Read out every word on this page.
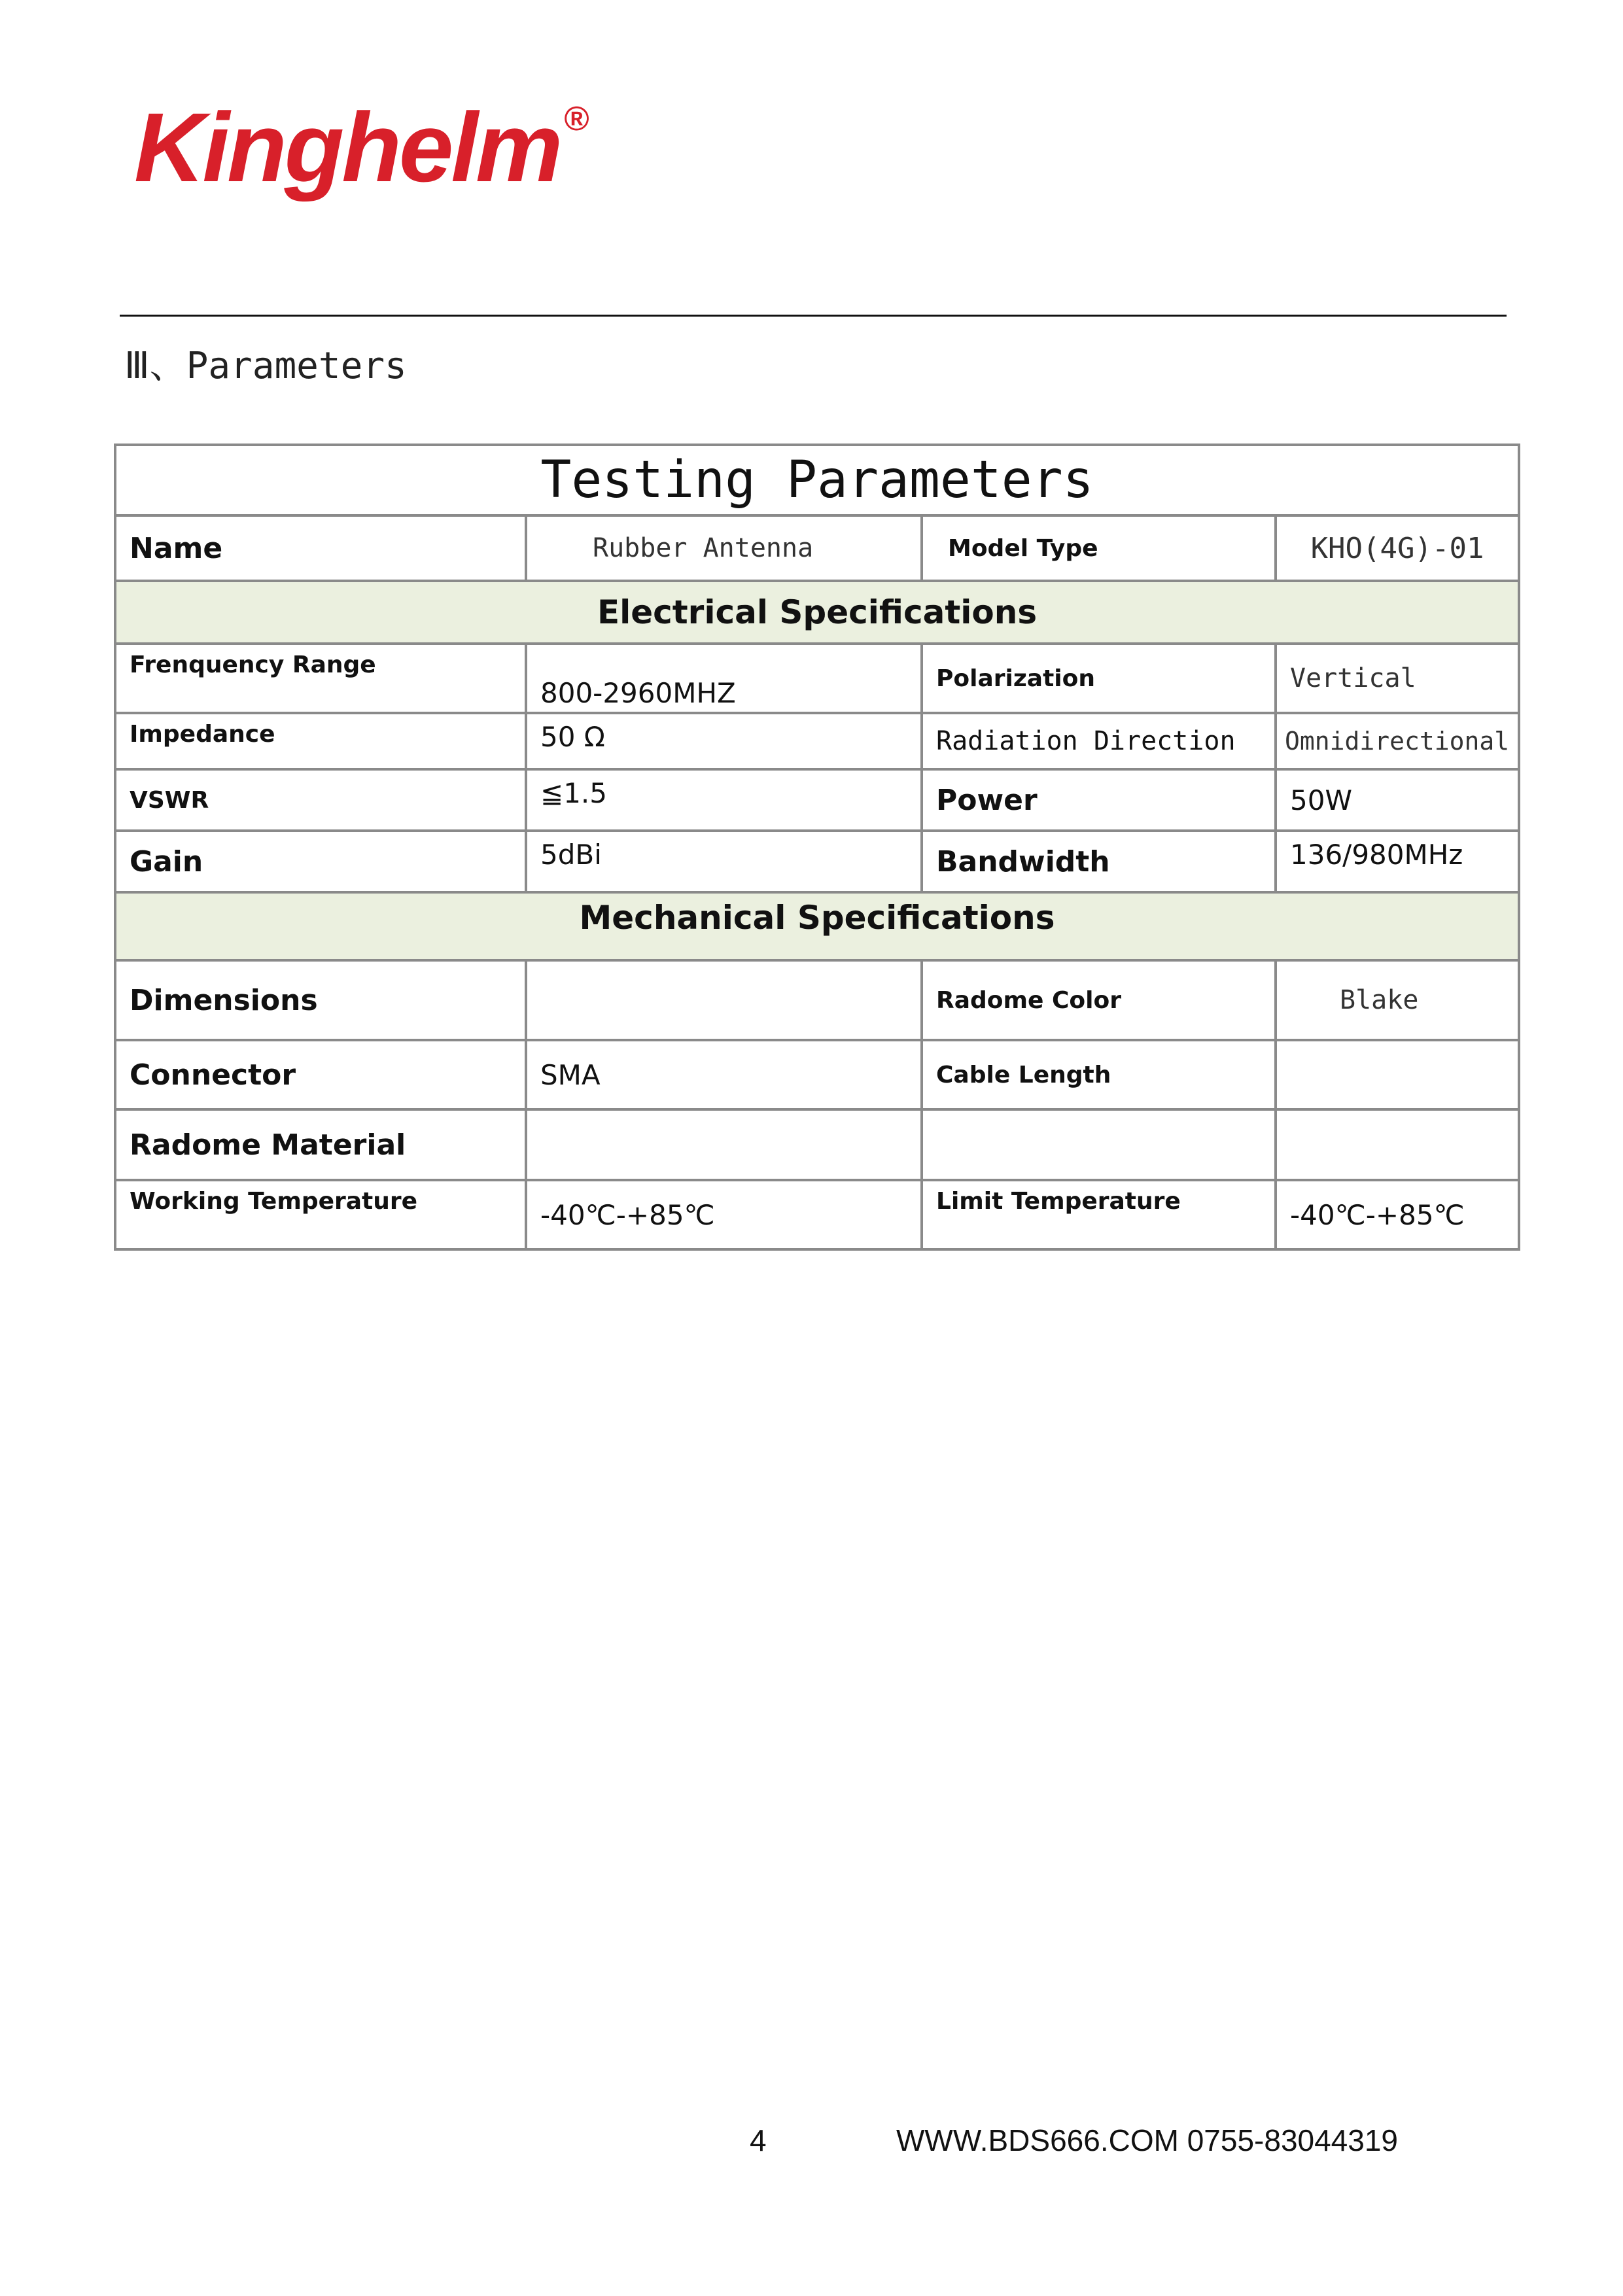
Kinghelm ®
Ⅲ、Parameters
Testing Parameters			
Name	Rubber Antenna	Model Type	KHO(4G)-01
Electrical Specifications			
Frenquency Range	800-2960MHZ	Polarization	Vertical
Impedance	50 Ω	Radiation Direction	Omnidirectional
VSWR	≦1.5	Power	50W
Gain	5dBi	Bandwidth	136/980MHz
Mechanical Specifications			
Dimensions		Radome Color	Blake
Connector	SMA	Cable Length	
Radome Material			
Working Temperature	-40℃-+85℃	Limit Temperature	-40℃-+85℃
4	WWW.BDS666.COM 0755-83044319
